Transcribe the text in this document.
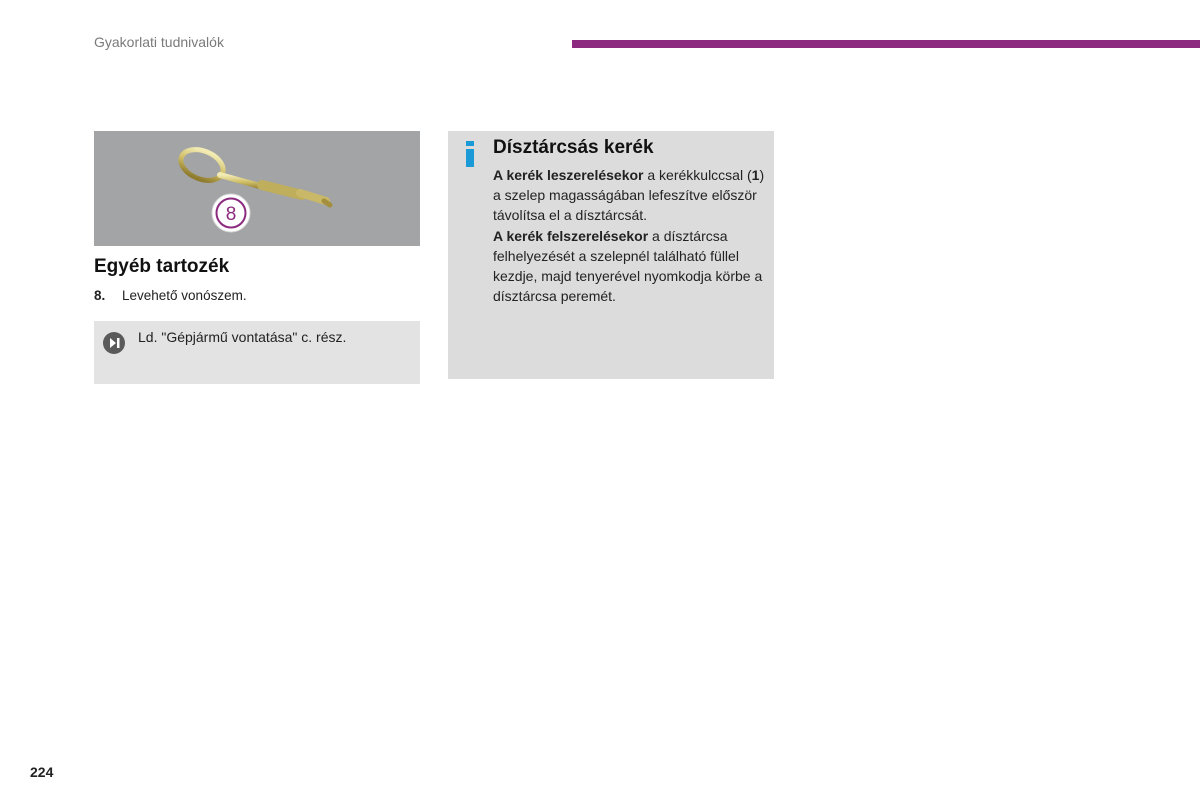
Gyakorlati tudnivalók
8
Egyéb tartozék
8. Levehető vonószem.
Ld. "Gépjármű vontatása" c. rész.
Dísztárcsás kerék

A kerék leszerelésekor a kerékkulccsal (1) a szelep magasságában lefeszítve először távolítsa el a dísztárcsát.

A kerék felszerelésekor a dísztárcsa felhelyezését a szelepnél található füllel kezdje, majd tenyerével nyomkodja körbe a dísztárcsa peremét.

224
